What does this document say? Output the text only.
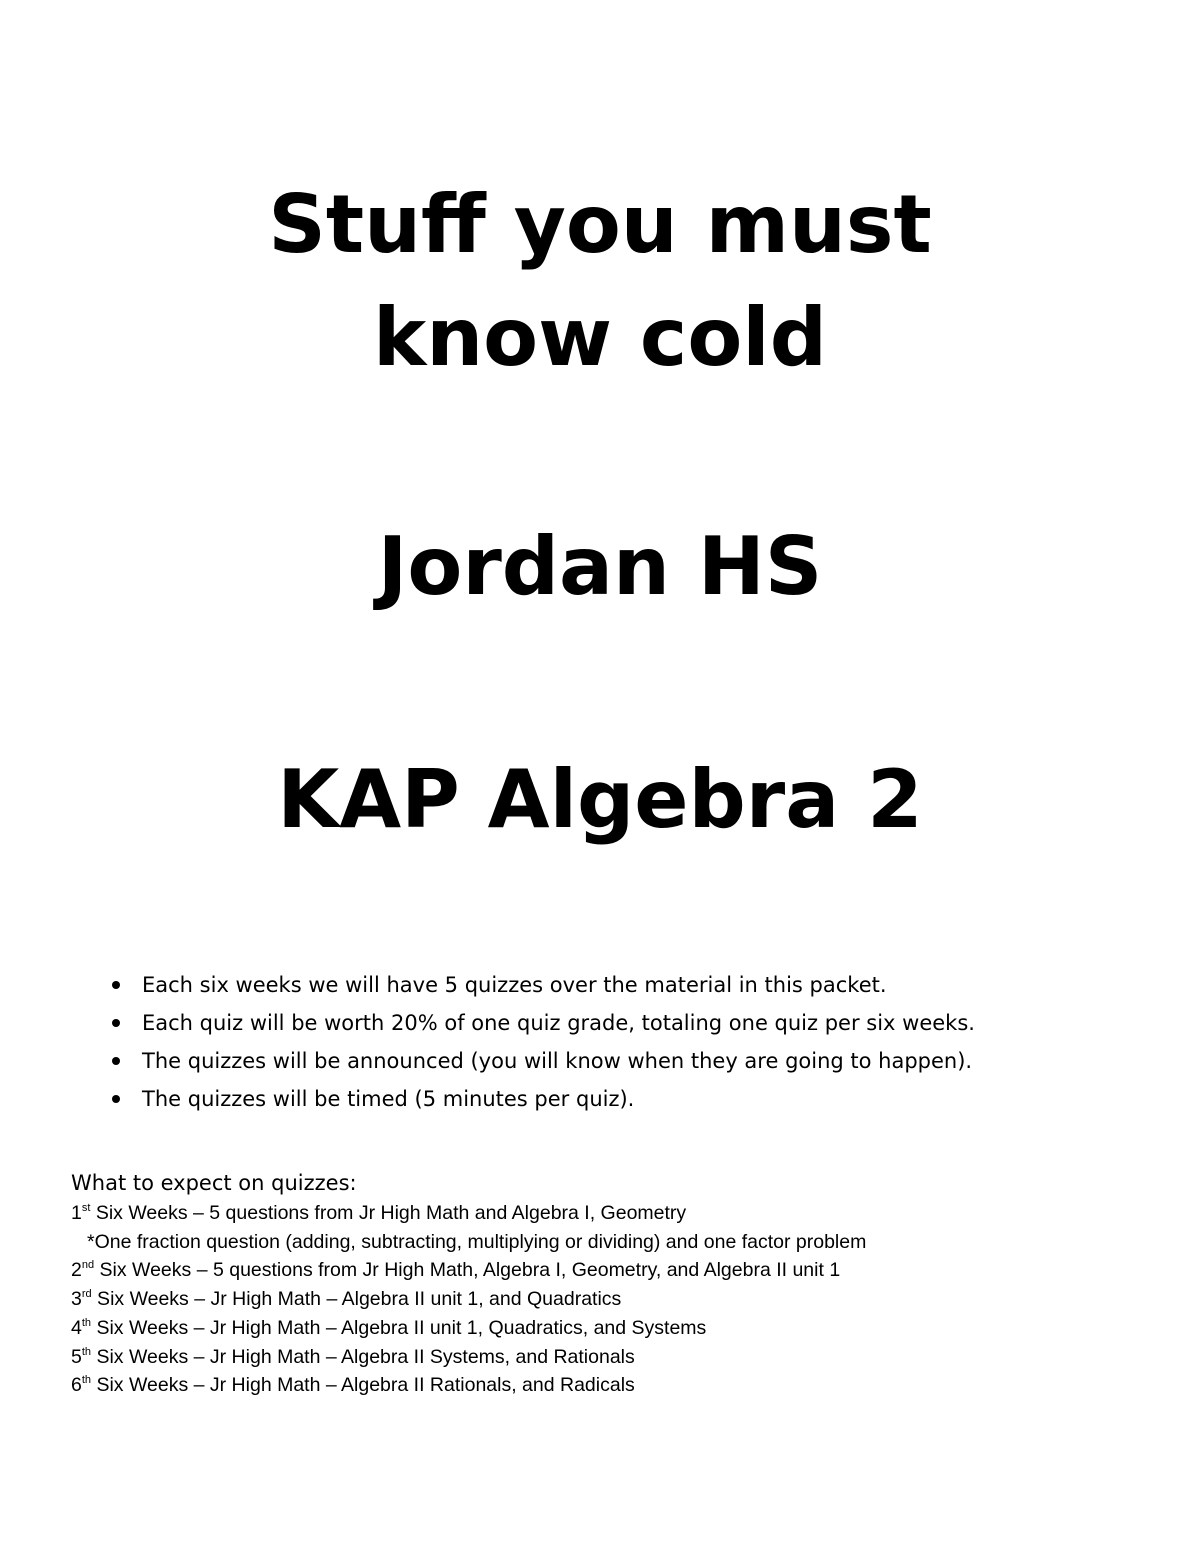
Stuff you must
know cold
Jordan HS
KAP Algebra 2
Each six weeks we will have 5 quizzes over the material in this packet.
Each quiz will be worth 20% of one quiz grade, totaling one quiz per six weeks.
The quizzes will be announced (you will know when they are going to happen).
The quizzes will be timed (5 minutes per quiz).
What to expect on quizzes:
1st Six Weeks – 5 questions from Jr High Math and Algebra I, Geometry
*One fraction question (adding, subtracting, multiplying or dividing) and one factor problem
2nd Six Weeks – 5 questions from Jr High Math, Algebra I, Geometry, and Algebra II unit 1
3rd Six Weeks – Jr High Math – Algebra II unit 1, and Quadratics
4th Six Weeks – Jr High Math – Algebra II unit 1, Quadratics, and Systems
5th Six Weeks – Jr High Math – Algebra II Systems, and Rationals
6th Six Weeks – Jr High Math – Algebra II Rationals, and Radicals
